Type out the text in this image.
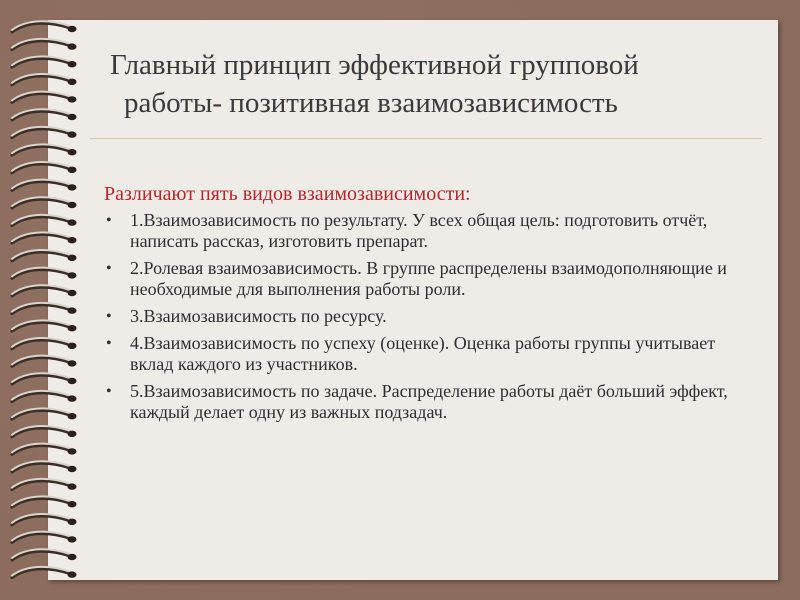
Главный принцип эффективной групповой
работы- позитивная взаимозависимость

Различают пять видов взаимозависимости:

• 1.Взаимозависимость по результату. У всех общая цель: подготовить отчёт, написать рассказ, изготовить препарат.
• 2.Ролевая взаимозависимость. В группе распределены взаимодополняющие и необходимые для выполнения работы роли.
• 3.Взаимозависимость по ресурсу.
• 4.Взаимозависимость по успеху (оценке). Оценка работы группы учитывает вклад каждого из участников.
• 5.Взаимозависимость по задаче. Распределение работы даёт больший эффект, каждый делает одну из важных подзадач.
